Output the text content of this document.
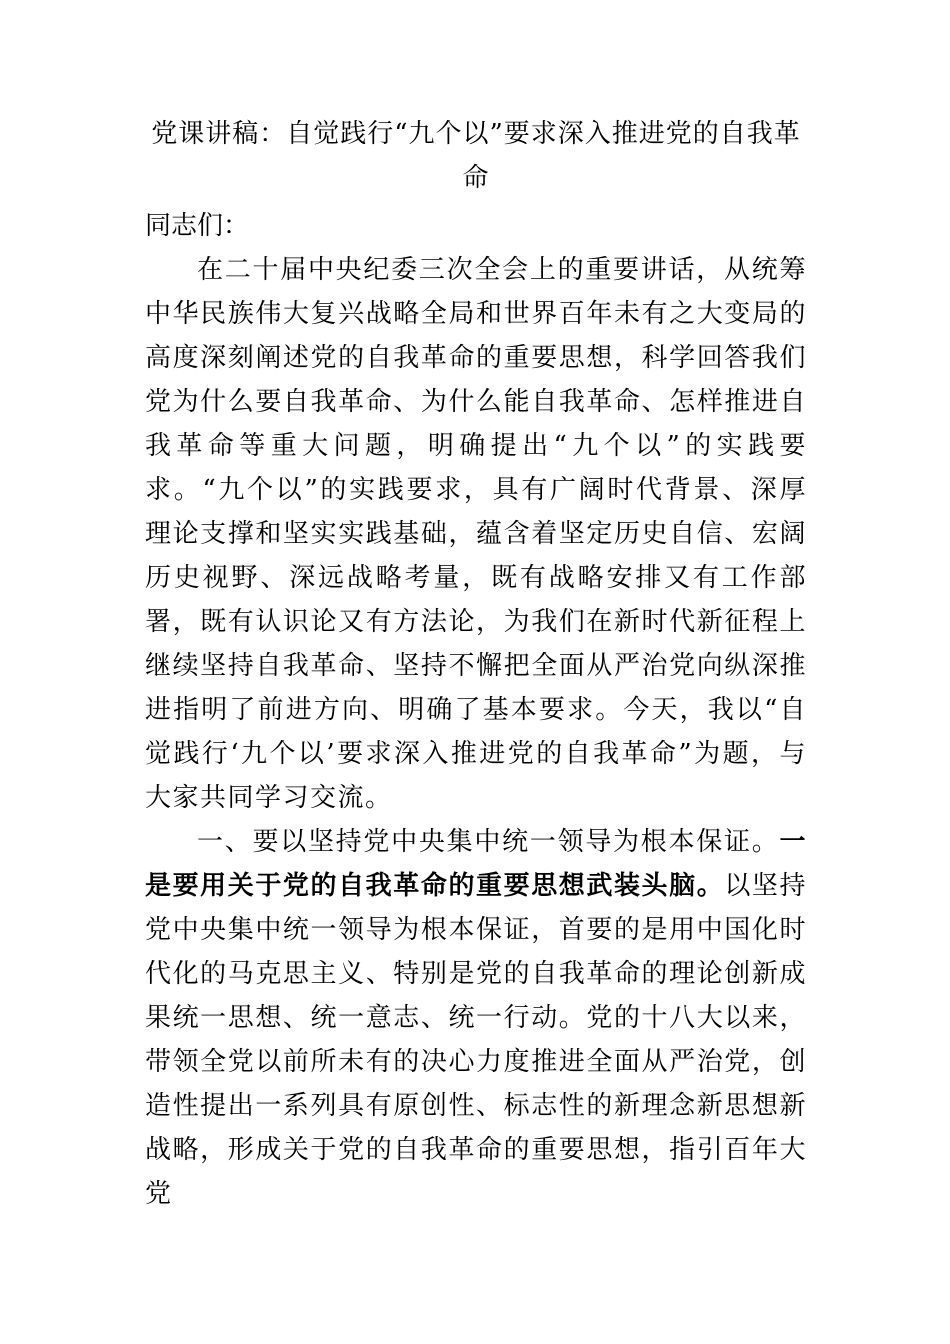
党课讲稿：自觉践行“九个以”要求深入推进党的自我革命

同志们：

在二十届中央纪委三次全会上的重要讲话，从统筹中华民族伟大复兴战略全局和世界百年未有之大变局的高度深刻阐述党的自我革命的重要思想，科学回答我们党为什么要自我革命、为什么能自我革命、怎样推进自我革命等重大问题，明确提出“九个以”的实践要求。“九个以”的实践要求，具有广阔时代背景、深厚理论支撑和坚实实践基础，蕴含着坚定历史自信、宏阔历史视野、深远战略考量，既有战略安排又有工作部署，既有认识论又有方法论，为我们在新时代新征程上继续坚持自我革命、坚持不懈把全面从严治党向纵深推进指明了前进方向、明确了基本要求。今天，我以“自觉践行‘九个以’要求深入推进党的自我革命”为题，与大家共同学习交流。

一、要以坚持党中央集中统一领导为根本保证。一是要用关于党的自我革命的重要思想武装头脑。以坚持党中央集中统一领导为根本保证，首要的是用中国化时代化的马克思主义、特别是党的自我革命的理论创新成果统一思想、统一意志、统一行动。党的十八大以来，带领全党以前所未有的决心力度推进全面从严治党，创造性提出一系列具有原创性、标志性的新理念新思想新战略，形成关于党的自我革命的重要思想，指引百年大党
